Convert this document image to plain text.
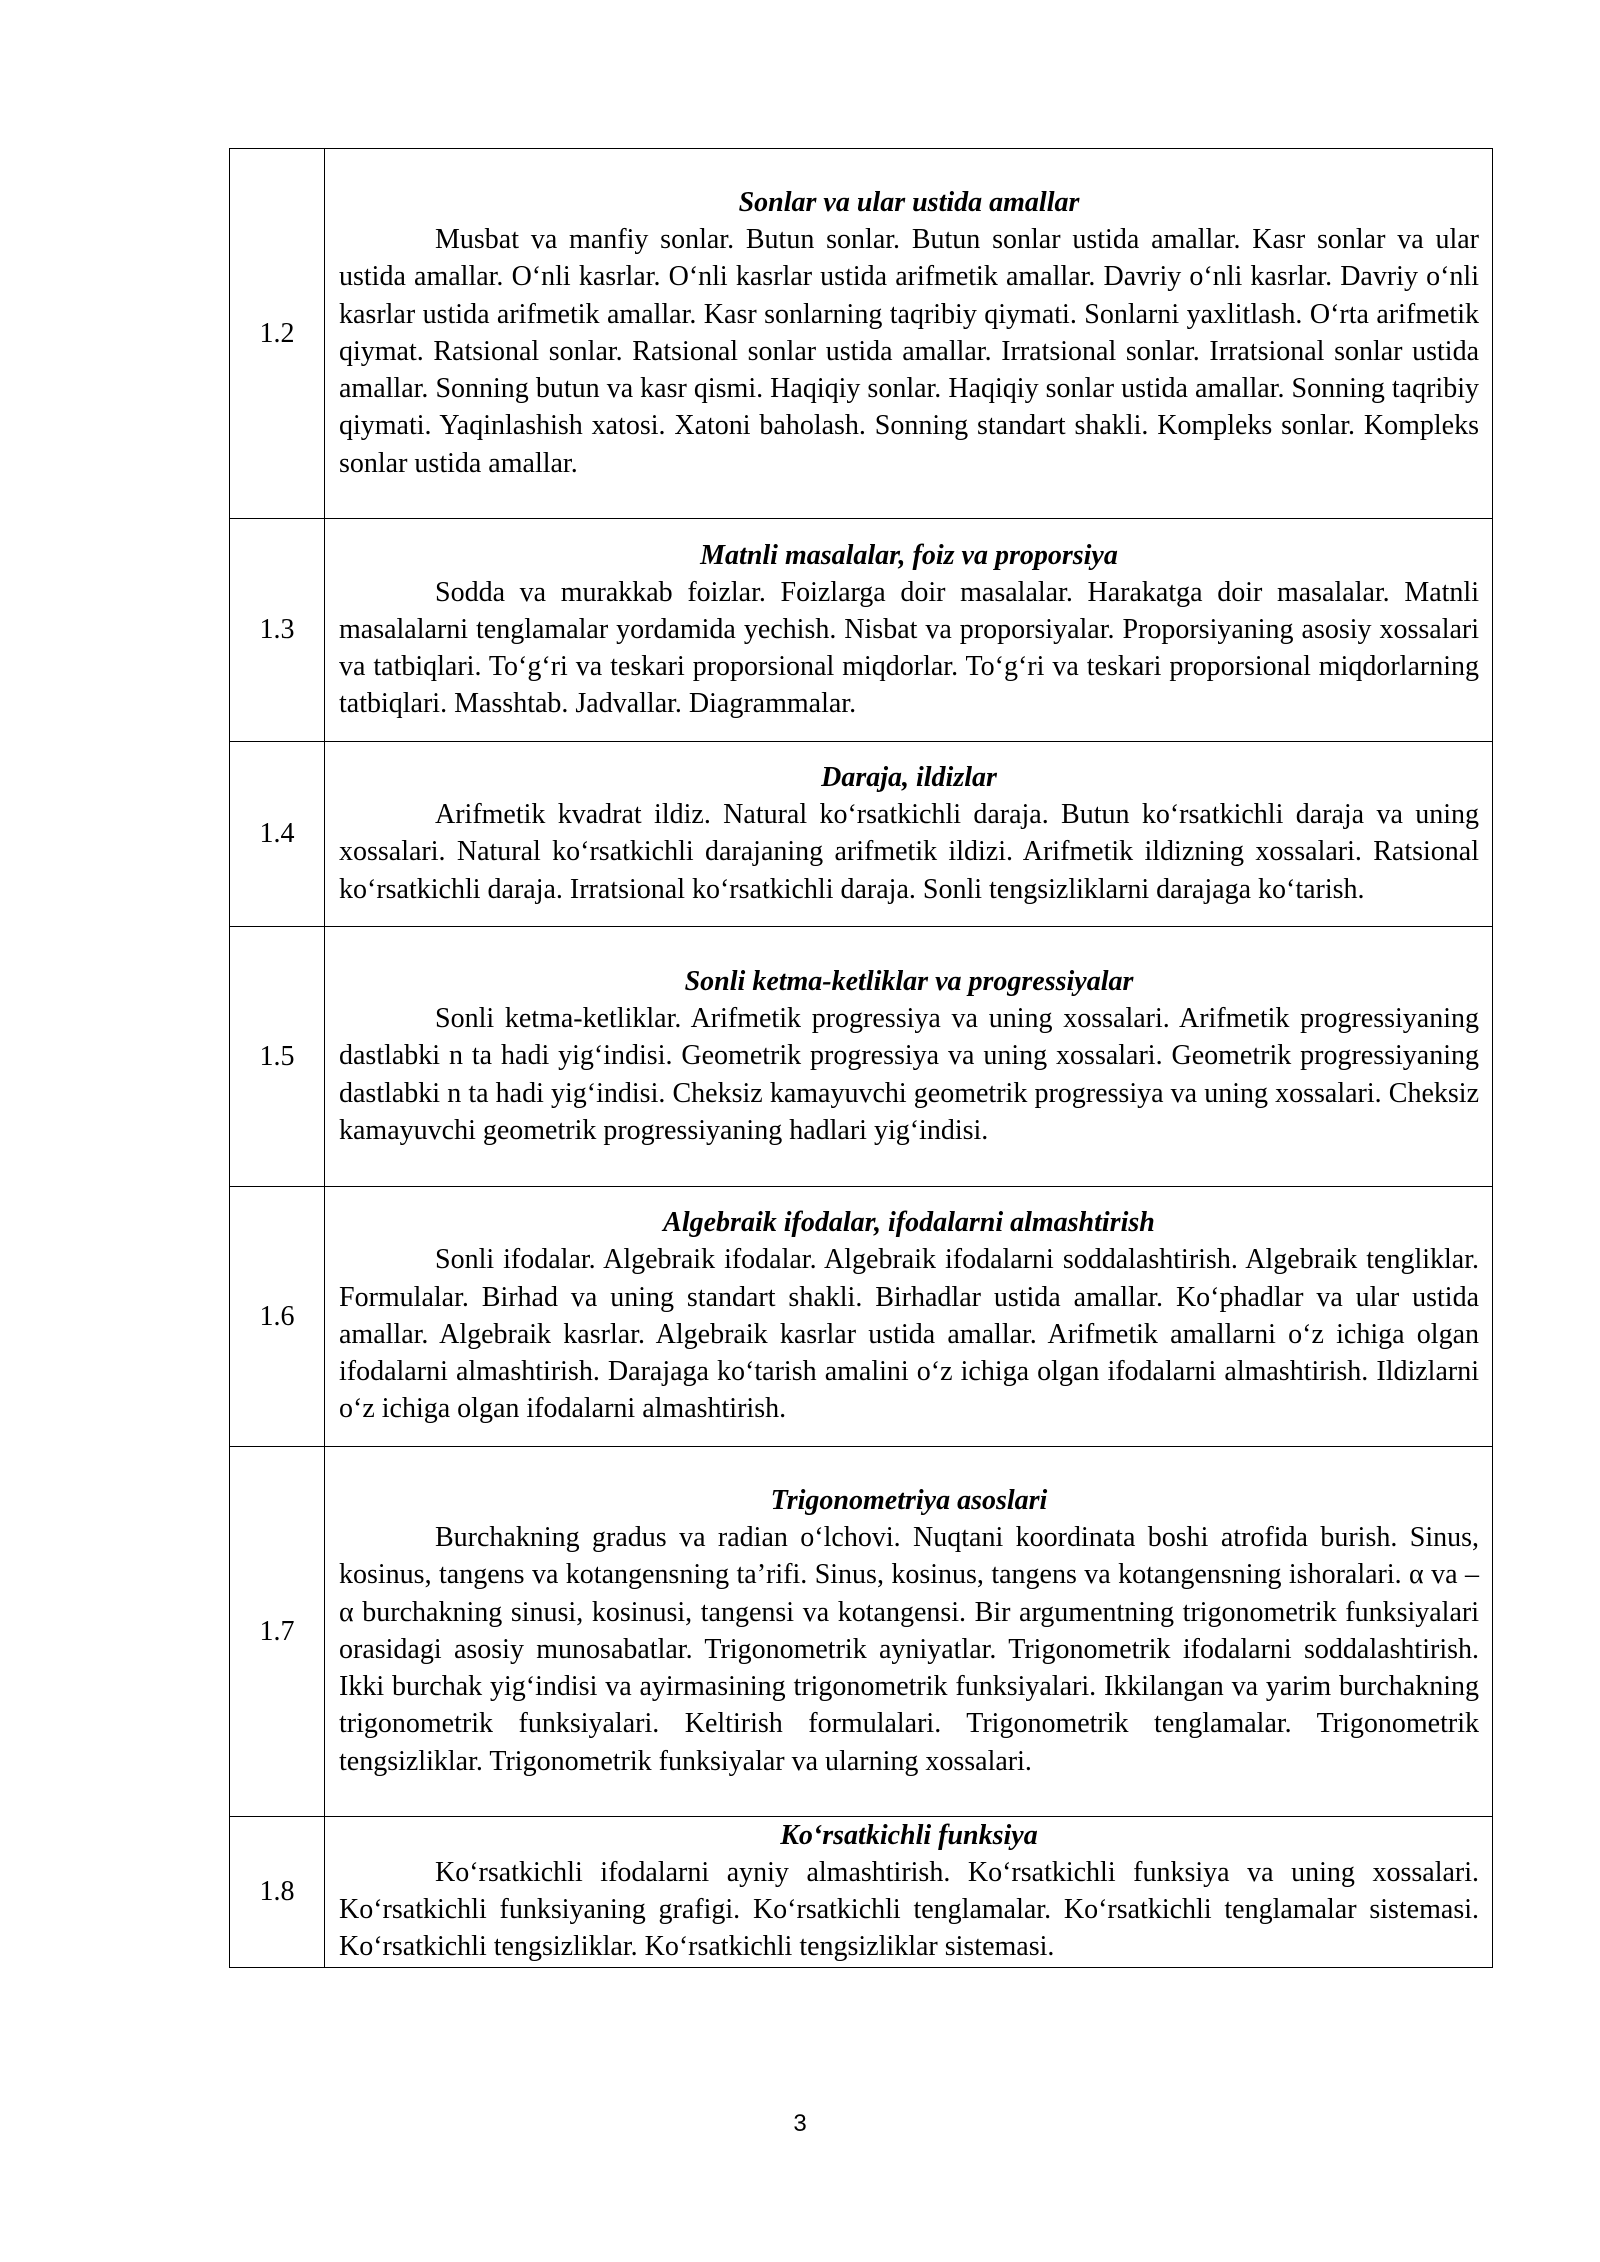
1.2	Sonlar va ular ustida amallar

Musbat va manfiy sonlar. Butun sonlar. Butun sonlar ustida amallar. Kasr sonlar va ular ustida amallar. O‘nli kasrlar. O‘nli kasrlar ustida arifmetik amallar. Davriy o‘nli kasrlar. Davriy o‘nli kasrlar ustida arifmetik amallar. Kasr sonlarning taqribiy qiymati. Sonlarni yaxlitlash. O‘rta arifmetik qiymat. Ratsional sonlar. Ratsional sonlar ustida amallar. Irratsional sonlar. Irratsional sonlar ustida amallar. Sonning butun va kasr qismi. Haqiqiy sonlar. Haqiqiy sonlar ustida amallar. Sonning taqribiy qiymati. Yaqinlashish xatosi. Xatoni baholash. Sonning standart shakli. Kompleks sonlar. Kompleks sonlar ustida amallar.

1.3	Matnli masalalar, foiz va proporsiya

Sodda va murakkab foizlar. Foizlarga doir masalalar. Harakatga doir masalalar. Matnli masalalarni tenglamalar yordamida yechish. Nisbat va proporsiyalar. Proporsiyaning asosiy xossalari va tatbiqlari. To‘g‘ri va teskari proporsional miqdorlar. To‘g‘ri va teskari proporsional miqdorlarning tatbiqlari. Masshtab. Jadvallar. Diagrammalar.

1.4	Daraja, ildizlar

Arifmetik kvadrat ildiz. Natural ko‘rsatkichli daraja. Butun ko‘rsatkichli daraja va uning xossalari. Natural ko‘rsatkichli darajaning arifmetik ildizi. Arifmetik ildizning xossalari. Ratsional ko‘rsatkichli daraja. Irratsional ko‘rsatkichli daraja. Sonli tengsizliklarni darajaga ko‘tarish.

1.5	Sonli ketma-ketliklar va progressiyalar

Sonli ketma-ketliklar. Arifmetik progressiya va uning xossalari. Arifmetik progressiyaning dastlabki n ta hadi yig‘indisi. Geometrik progressiya va uning xossalari. Geometrik progressiyaning dastlabki n ta hadi yig‘indisi. Cheksiz kamayuvchi geometrik progressiya va uning xossalari. Cheksiz kamayuvchi geometrik progressiyaning hadlari yig‘indisi.

1.6	Algebraik ifodalar, ifodalarni almashtirish

Sonli ifodalar. Algebraik ifodalar. Algebraik ifodalarni soddalashtirish. Algebraik tengliklar. Formulalar. Birhad va uning standart shakli. Birhadlar ustida amallar. Ko‘phadlar va ular ustida amallar. Algebraik kasrlar. Algebraik kasrlar ustida amallar. Arifmetik amallarni o‘z ichiga olgan ifodalarni almashtirish. Darajaga ko‘tarish amalini o‘z ichiga olgan ifodalarni almashtirish. Ildizlarni o‘z ichiga olgan ifodalarni almashtirish.

1.7	Trigonometriya asoslari

Burchakning gradus va radian o‘lchovi. Nuqtani koordinata boshi atrofida burish. Sinus, kosinus, tangens va kotangensning ta’rifi. Sinus, kosinus, tangens va kotangensning ishoralari. α va –α burchakning sinusi, kosinusi, tangensi va kotangensi. Bir argumentning trigonometrik funksiyalari orasidagi asosiy munosabatlar. Trigonometrik ayniyatlar. Trigonometrik ifodalarni soddalashtirish. Ikki burchak yig‘indisi va ayirmasining trigonometrik funksiyalari. Ikkilangan va yarim burchakning trigonometrik funksiyalari. Keltirish formulalari. Trigonometrik tenglamalar. Trigonometrik tengsizliklar. Trigonometrik funksiyalar va ularning xossalari.

1.8	Ko‘rsatkichli funksiya

Ko‘rsatkichli ifodalarni ayniy almashtirish. Ko‘rsatkichli funksiya va uning xossalari. Ko‘rsatkichli funksiyaning grafigi. Ko‘rsatkichli tenglamalar. Ko‘rsatkichli tenglamalar sistemasi. Ko‘rsatkichli tengsizliklar. Ko‘rsatkichli tengsizliklar sistemasi.

3
